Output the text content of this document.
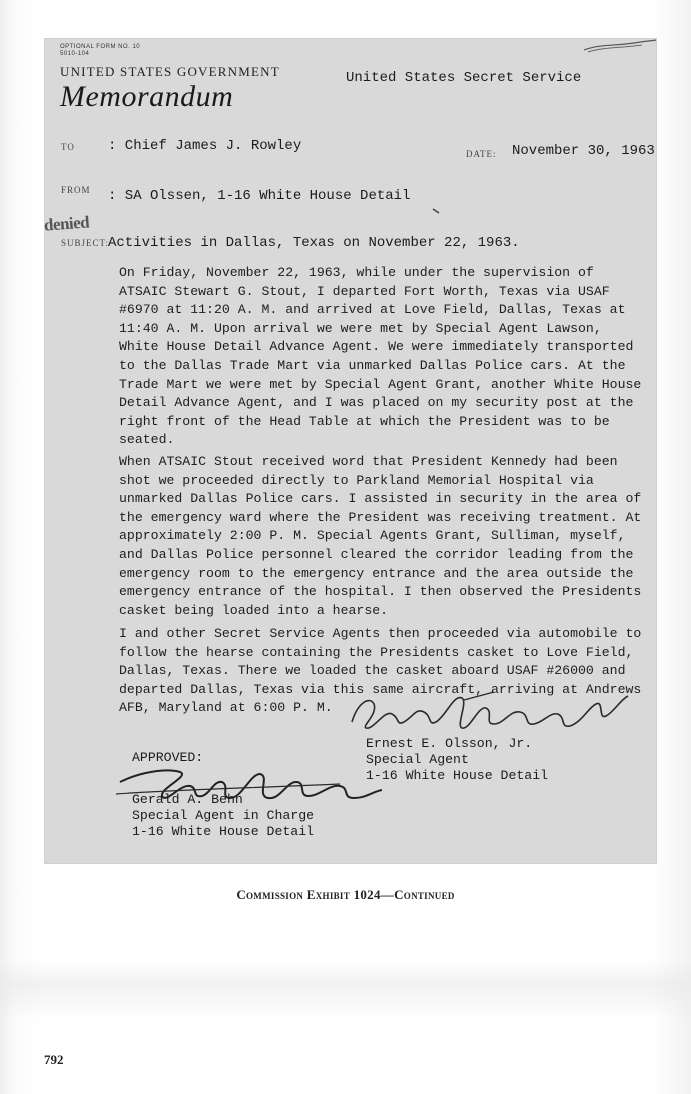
OPTIONAL FORM NO. 10
5010-104
UNITED STATES GOVERNMENT
Memorandum
United States Secret Service
TO : Chief James J. Rowley	DATE: November 30, 1963
FROM : SA Olssen, 1-16 White House Detail
denied
SUBJECT:
Activities in Dallas, Texas on November 22, 1963.
On Friday, November 22, 1963, while under the supervision of ATSAIC Stewart G. Stout, I departed Fort Worth, Texas via USAF #6970 at 11:20 A. M. and arrived at Love Field, Dallas, Texas at 11:40 A. M. Upon arrival we were met by Special Agent Lawson, White House Detail Advance Agent. We were immediately transported to the Dallas Trade Mart via unmarked Dallas Police cars. At the Trade Mart we were met by Special Agent Grant, another White House Detail Advance Agent, and I was placed on my security post at the right front of the Head Table at which the President was to be seated.
When ATSAIC Stout received word that President Kennedy had been shot we proceeded directly to Parkland Memorial Hospital via unmarked Dallas Police cars. I assisted in security in the area of the emergency ward where the President was receiving treatment. At approximately 2:00 P. M. Special Agents Grant, Sulliman, myself, and Dallas Police personnel cleared the corridor leading from the emergency room to the emergency entrance and the area outside the emergency entrance of the hospital. I then observed the Presidents casket being loaded into a hearse.
I and other Secret Service Agents then proceeded via automobile to follow the hearse containing the Presidents casket to Love Field, Dallas, Texas. There we loaded the casket aboard USAF #26000 and departed Dallas, Texas via this same aircraft, arriving at Andrews AFB, Maryland at 6:00 P. M.
Ernest E. Olsson, Jr.
Special Agent
1-16 White House Detail
APPROVED:
Gerald A. Behn
Special Agent in Charge
1-16 White House Detail
Commission Exhibit 1024—Continued
792
